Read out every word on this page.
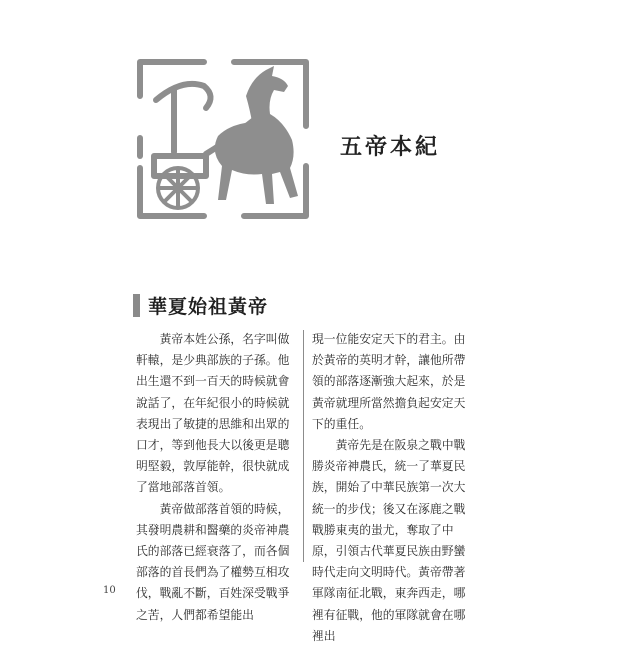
五帝本紀
華夏始祖黃帝

黃帝本姓公孫，名字叫做軒轅，是少典部族的子孫。他出生還不到一百天的時候就會說話了，在年紀很小的時候就表現出了敏捷的思維和出眾的口才，等到他長大以後更是聰明堅毅，敦厚能幹，很快就成了當地部落首領。

黃帝做部落首領的時候，其發明農耕和醫藥的炎帝神農氏的部落已經衰落了，而各個部落的首長們為了權勢互相攻伐，戰亂不斷，百姓深受戰爭之苦，人們都希望能出

現一位能安定天下的君主。由於黃帝的英明才幹，讓他所帶領的部落逐漸強大起來，於是黃帝就理所當然擔負起安定天下的重任。

黃帝先是在阪泉之戰中戰勝炎帝神農氏，統一了華夏民族，開始了中華民族第一次大統一的步伐；後又在涿鹿之戰戰勝東夷的蚩尤，奪取了中原，引領古代華夏民族由野蠻時代走向文明時代。黃帝帶著軍隊南征北戰，東奔西走，哪裡有征戰，他的軍隊就會在哪裡出

10
